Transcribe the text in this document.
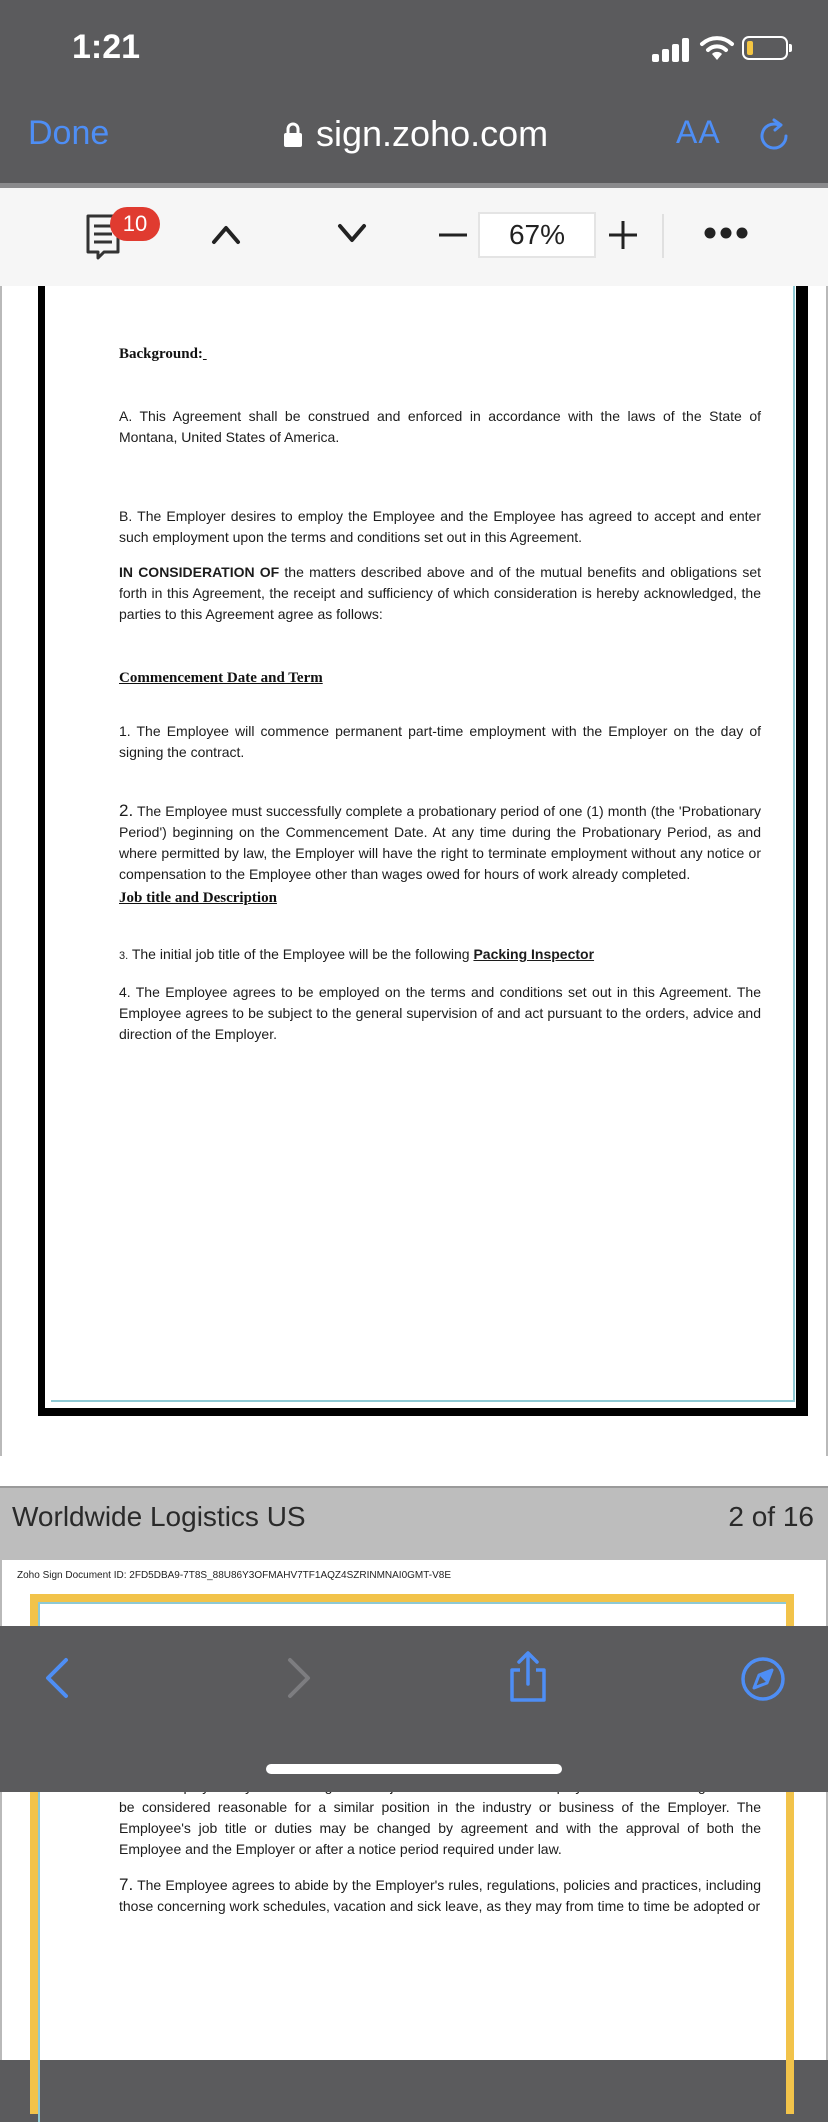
1:21
Done	sign.zoho.com	AA
10	67%

Background:​

A. This Agreement shall be construed and enforced in accordance with the laws of the State of Montana, United States of America.

B. The Employer desires to employ the Employee and the Employee has agreed to accept and enter such employment upon the terms and conditions set out in this Agreement.

IN CONSIDERATION OF the matters described above and of the mutual benefits and obligations set forth in this Agreement, the receipt and sufficiency of which consideration is hereby acknowledged, the parties to this Agreement agree as follows:

Commencement Date and Term

1. The Employee will commence permanent part-time employment with the Employer on the day of signing the contract.

2. The Employee must successfully complete a probationary period of one (1) month (the 'Probationary Period') beginning on the Commencement Date. At any time during the Probationary Period, as and where permitted by law, the Employer will have the right to terminate employment without any notice or compensation to the Employee other than wages owed for hours of work already completed.

Job title and Description

3. The initial job title of the Employee will be the following Packing Inspector

4. The Employee agrees to be employed on the terms and conditions set out in this Agreement. The Employee agrees to be subject to the general supervision of and act pursuant to the orders, advice and direction of the Employer.

Worldwide Logistics US	2 of 16
Zoho Sign Document ID: 2FD5DBA9-7T8S_88U86Y3OFMAHV7TF1AQZ4SZRINMNAI0GMT-V8E

be considered reasonable for a similar position in the industry or business of the Employer. The Employee's job title or duties may be changed by agreement and with the approval of both the Employee and the Employer or after a notice period required under law.

7. The Employee agrees to abide by the Employer's rules, regulations, policies and practices, including those concerning work schedules, vacation and sick leave, as they may from time to time be adopted or
